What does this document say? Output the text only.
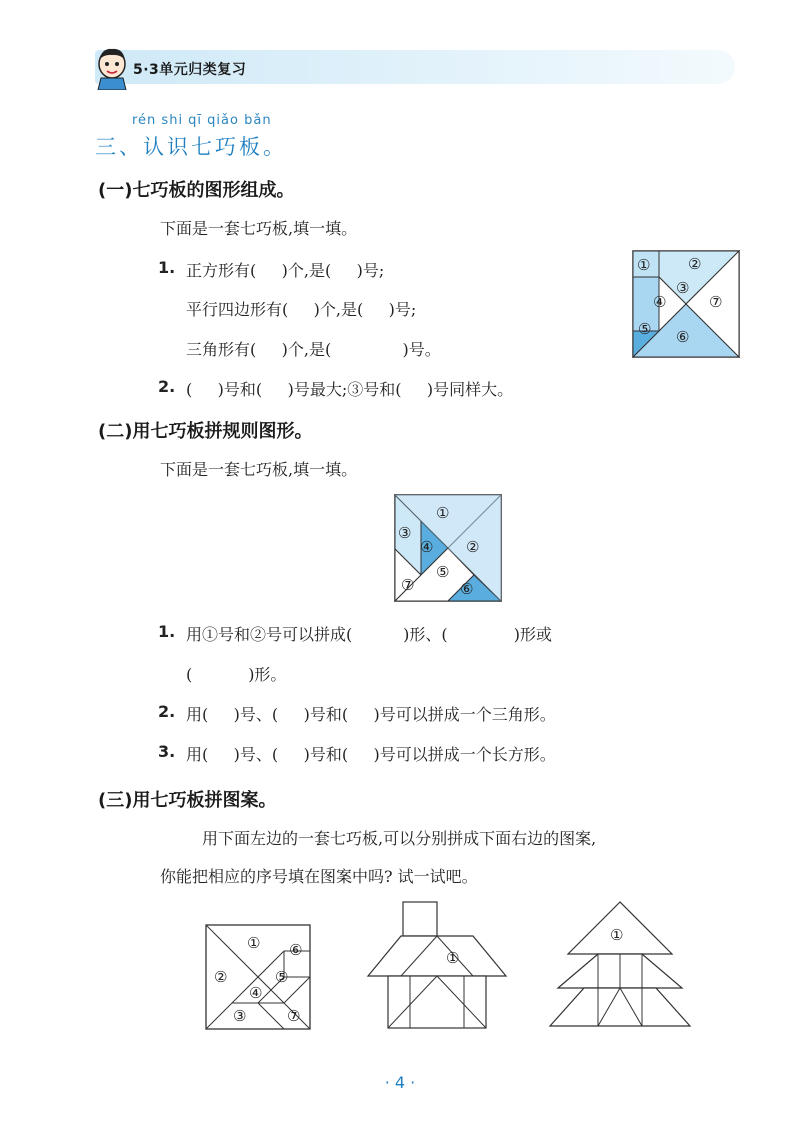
5·3单元归类复习
rén shi qī qiǎo bǎn
三、认识七巧板。
(一)七巧板的图形组成。
下面是一套七巧板,填一填。
1. 正方形有(     )个,是(     )号;
平行四边形有(     )个,是(     )号;
三角形有(     )个,是(              )号。
2. (     )号和(     )号最大;③号和(     )号同样大。
①	②
③
④
⑤ ⑥
⑦
(二)用七巧板拼规则图形。
下面是一套七巧板,填一填。
①
②
③
④
⑤
⑥
⑦
1. 用①号和②号可以拼成(          )形、(             )形或
(           )形。
2. 用(     )号、(     )号和(     )号可以拼成一个三角形。
3. 用(     )号、(     )号和(     )号可以拼成一个长方形。
(三)用七巧板拼图案。
用下面左边的一套七巧板,可以分别拼成下面右边的图案,
你能把相应的序号填在图案中吗? 试一试吧。
①
②
③
④
⑤
⑥
⑦
①
①
· 4 ·
